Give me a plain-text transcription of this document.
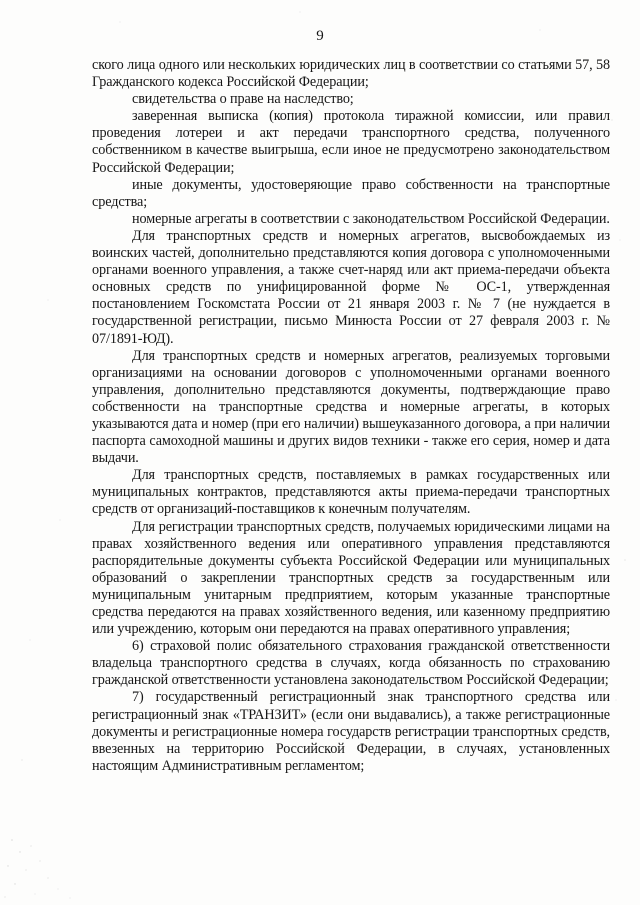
9

ского лица одного или нескольких юридических лиц в соответствии со статьями 57, 58 Гражданского кодекса Российской Федерации;

свидетельства о праве на наследство;

заверенная выписка (копия) протокола тиражной комиссии, или правил проведения лотереи и акт передачи транспортного средства, полученного собственником в качестве выигрыша, если иное не предусмотрено законодательством Российской Федерации;

иные документы, удостоверяющие право собственности на транспортные средства;

номерные агрегаты в соответствии с законодательством Российской Федерации.

Для транспортных средств и номерных агрегатов, высвобождаемых из воинских частей, дополнительно представляются копия договора с уполномоченными органами военного управления, а также счет-наряд или акт приема-передачи объекта основных средств по унифицированной форме № ОС-1, утвержденная постановлением Госкомстата России от 21 января 2003 г. № 7 (не нуждается в государственной регистрации, письмо Минюста России от 27 февраля 2003 г. № 07/1891-ЮД).

Для транспортных средств и номерных агрегатов, реализуемых торговыми организациями на основании договоров с уполномоченными органами военного управления, дополнительно представляются документы, подтверждающие право собственности на транспортные средства и номерные агрегаты, в которых указываются дата и номер (при его наличии) вышеуказанного договора, а при наличии паспорта самоходной машины и других видов техники - также его серия, номер и дата выдачи.

Для транспортных средств, поставляемых в рамках государственных или муниципальных контрактов, представляются акты приема-передачи транспортных средств от организаций-поставщиков к конечным получателям.

Для регистрации транспортных средств, получаемых юридическими лицами на правах хозяйственного ведения или оперативного управления представляются распорядительные документы субъекта Российской Федерации или муниципальных образований о закреплении транспортных средств за государственным или муниципальным унитарным предприятием, которым указанные транспортные средства передаются на правах хозяйственного ведения, или казенному предприятию или учреждению, которым они передаются на правах оперативного управления;

6) страховой полис обязательного страхования гражданской ответственности владельца транспортного средства в случаях, когда обязанность по страхованию гражданской ответственности установлена законодательством Российской Федерации;

7) государственный регистрационный знак транспортного средства или регистрационный знак «ТРАНЗИТ» (если они выдавались), а также регистрационные документы и регистрационные номера государств регистрации транспортных средств, ввезенных на территорию Российской Федерации, в случаях, установленных настоящим Административным регламентом;
